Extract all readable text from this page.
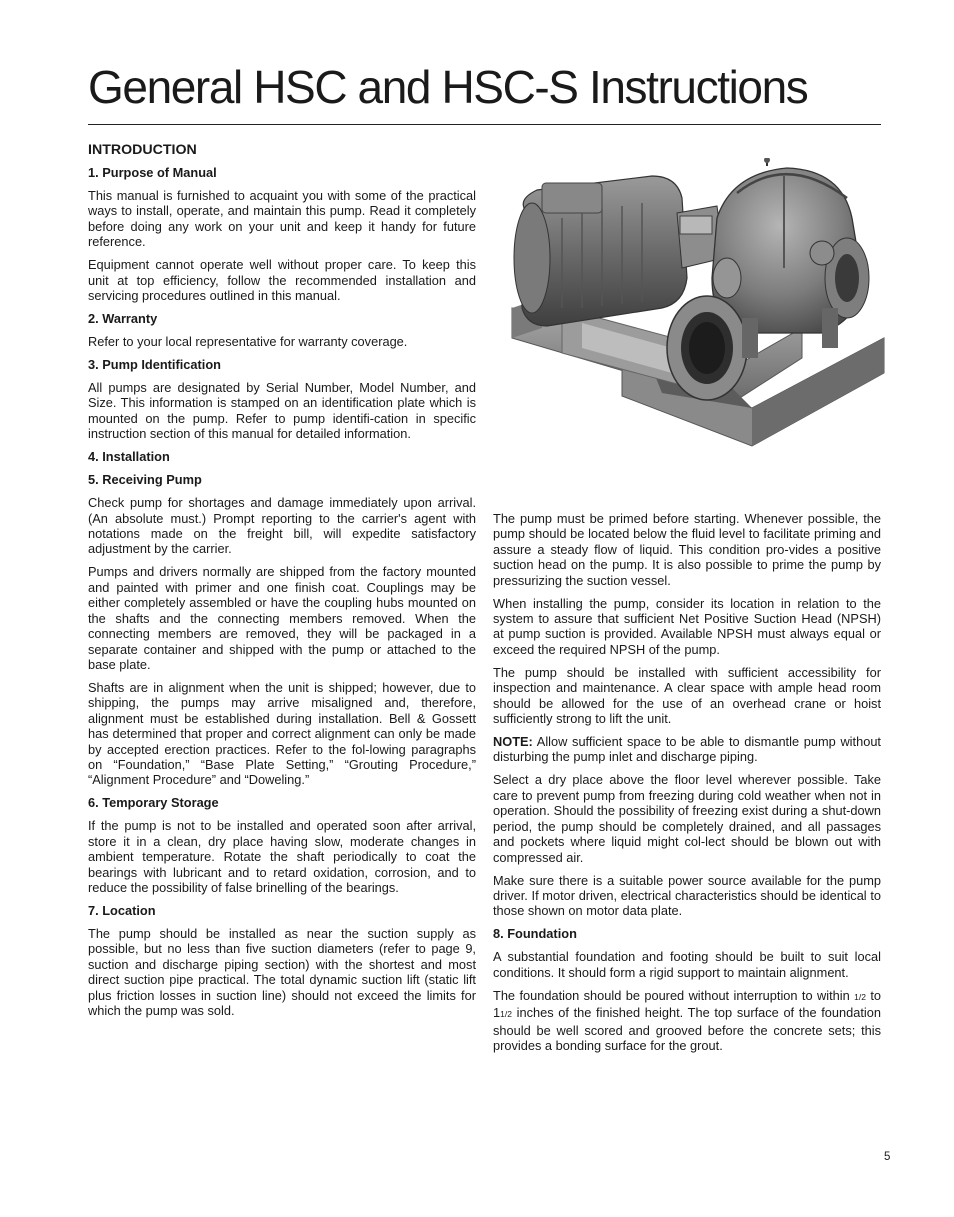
General HSC and HSC-S Instructions
INTRODUCTION
1. Purpose of Manual

This manual is furnished to acquaint you with some of the practical ways to install, operate, and maintain this pump. Read it completely before doing any work on your unit and keep it handy for future reference.

Equipment cannot operate well without proper care. To keep this unit at top efficiency, follow the recommended installation and servicing procedures outlined in this manual.

2. Warranty

Refer to your local representative for warranty coverage.

3. Pump Identification

All pumps are designated by Serial Number, Model Number, and Size. This information is stamped on an identification plate which is mounted on the pump. Refer to pump identifi-cation in specific instruction section of this manual for detailed information.

4. Installation
5. Receiving Pump

Check pump for shortages and damage immediately upon arrival. (An absolute must.) Prompt reporting to the carrier's agent with notations made on the freight bill, will expedite satisfactory adjustment by the carrier.

Pumps and drivers normally are shipped from the factory mounted and painted with primer and one finish coat. Couplings may be either completely assembled or have the coupling hubs mounted on the shafts and the connecting members removed. When the connecting members are removed, they will be packaged in a separate container and shipped with the pump or attached to the base plate.

Shafts are in alignment when the unit is shipped; however, due to shipping, the pumps may arrive misaligned and, therefore, alignment must be established during installation. Bell & Gossett has determined that proper and correct alignment can only be made by accepted erection practices. Refer to the fol-lowing paragraphs on “Foundation,” “Base Plate Setting,” “Grouting Procedure,” “Alignment Procedure” and “Doweling.”

6. Temporary Storage

If the pump is not to be installed and operated soon after arrival, store it in a clean, dry place having slow, moderate changes in ambient temperature. Rotate the shaft periodically to coat the bearings with lubricant and to retard oxidation, corrosion, and to reduce the possibility of false brinelling of the bearings.

7. Location

The pump should be installed as near the suction supply as possible, but no less than five suction diameters (refer to page 9, suction and discharge piping section) with the shortest and most direct suction pipe practical. The total dynamic suction lift (static lift plus friction losses in suction line) should not exceed the limits for which the pump was sold.

The pump must be primed before starting. Whenever possible, the pump should be located below the fluid level to facilitate priming and assure a steady flow of liquid. This condition pro-vides a positive suction head on the pump. It is also possible to prime the pump by pressurizing the suction vessel.

When installing the pump, consider its location in relation to the system to assure that sufficient Net Positive Suction Head (NPSH) at pump suction is provided. Available NPSH must always equal or exceed the required NPSH of the pump.

The pump should be installed with sufficient accessibility for inspection and maintenance. A clear space with ample head room should be allowed for the use of an overhead crane or hoist sufficiently strong to lift the unit.

NOTE: Allow sufficient space to be able to dismantle pump without disturbing the pump inlet and discharge piping.

Select a dry place above the floor level wherever possible. Take care to prevent pump from freezing during cold weather when not in operation. Should the possibility of freezing exist during a shut-down period, the pump should be completely drained, and all passages and pockets where liquid might col-lect should be blown out with compressed air.

Make sure there is a suitable power source available for the pump driver. If motor driven, electrical characteristics should be identical to those shown on motor data plate.

8. Foundation

A substantial foundation and footing should be built to suit local conditions. It should form a rigid support to maintain alignment.

The foundation should be poured without interruption to within 1/2 to 11/2 inches of the finished height. The top surface of the foundation should be well scored and grooved before the concrete sets; this provides a bonding surface for the grout.

5
